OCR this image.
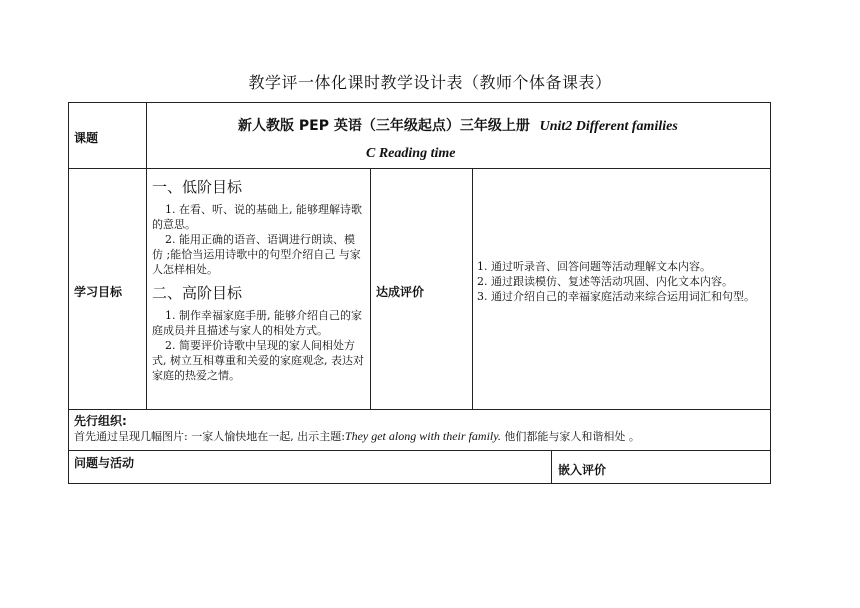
教学评一体化课时教学设计表（教师个体备课表）
课题
新人教版 PEP 英语（三年级起点）三年级上册 Unit2 Different families
C Reading time
学习目标
一、低阶目标

1. 在看、听、说的基础上, 能够理解诗歌的意思。

2. 能用正确的语音、语调进行朗读、模仿 ;能恰当运用诗歌中的句型介绍自己 与家人怎样相处。

二、高阶目标

1. 制作幸福家庭手册, 能够介绍自己的家庭成员并且描述与家人的相处方式。

2. 简要评价诗歌中呈现的家人间相处方式, 树立互相尊重和关爱的家庭观念, 表达对家庭的热爱之情。

达成评价

1. 通过听录音、回答问题等活动理解文本内容。

2. 通过跟读模仿、复述等活动巩固、内化文本内容。

3. 通过介绍自己的幸福家庭活动来综合运用词汇和句型。

先行组织:
首先通过呈现几幅图片: 一家人愉快地在一起, 出示主题:They get along with their family. 他们都能与家人和谐相处 。
问题与活动	嵌入评价
